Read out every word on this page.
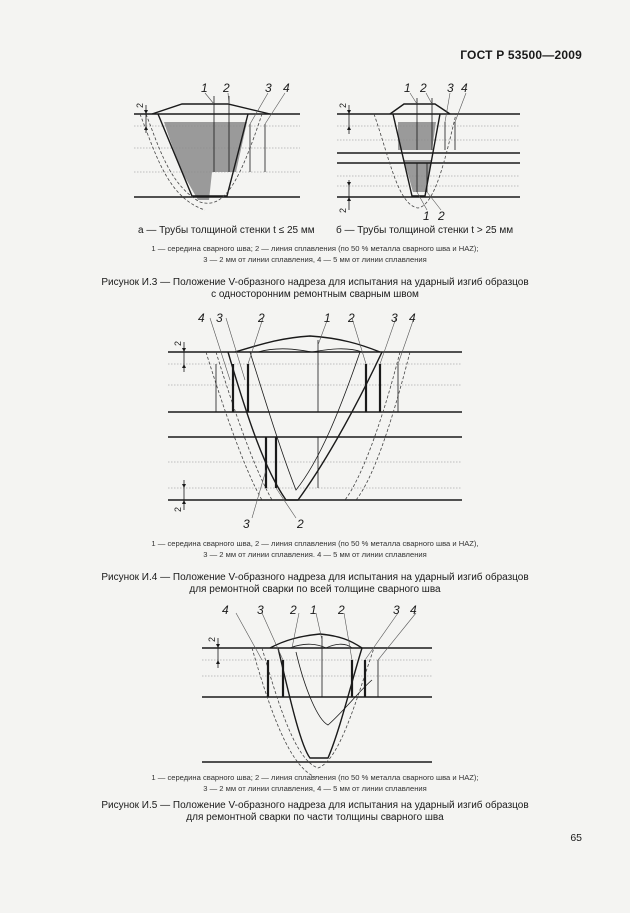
ГОСТ Р 53500—2009
1 2	3 4
2
1 2 3 4
1 2
2
2
4 3	2	1 2	3 4
3	2
2
2
4 3 2 1 2	3 4
2
а — Трубы толщиной стенки t ≤ 25 мм б — Трубы толщиной стенки t > 25 мм
1 — середина сварного шва; 2 — линия сплавления (по 50 % металла сварного шва и HAZ);
3 — 2 мм от линии сплавления, 4 — 5 мм от линии сплавления
Рисунок И.3 — Положение V-образного надреза для испытания на ударный изгиб образцов
с односторонним ремонтным сварным швом
1 — середина сварного шва, 2 — линия сплавления (по 50 % металла сварного шва и HAZ),
3 — 2 мм от линии сплавления. 4 — 5 мм от линии сплавления
Рисунок И.4 — Положение V-образного надреза для испытания на ударный изгиб образцов
для ремонтной сварки по всей толщине сварного шва
1 — середина сварного шва; 2 — линия сплавления (по 50 % металла сварного шва и HAZ);
3 — 2 мм от линии сплавления, 4 — 5 мм от линии сплавления
Рисунок И.5 — Положение V-образного надреза для испытания на ударный изгиб образцов
для ремонтной сварки по части толщины сварного шва
65
